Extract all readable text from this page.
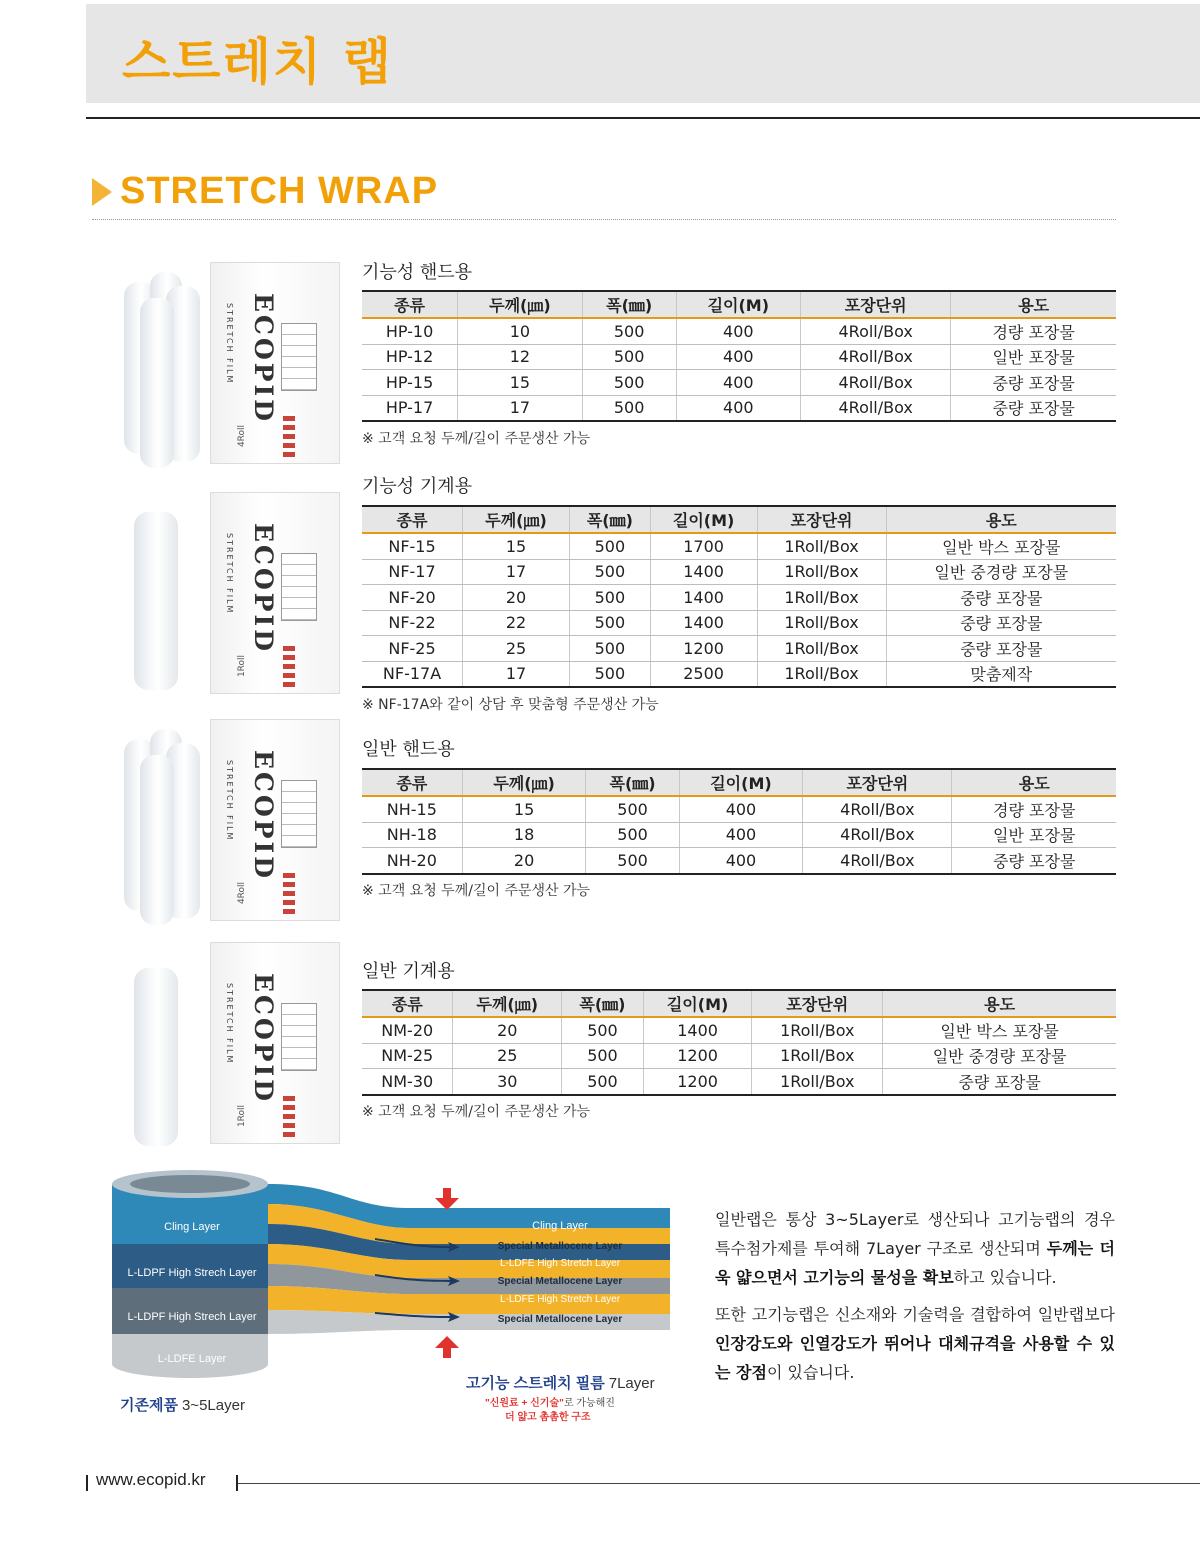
스트레치 랩
STRETCH WRAP
STRETCH FILM ECOPID
4Roll
STRETCH FILM ECOPID
1Roll
STRETCH FILM ECOPID
4Roll
STRETCH FILM ECOPID
1Roll

기능성 핸드용

종류	두께(㎛)	폭(㎜)	길이(M)	포장단위	용도
HP-10	10	500	400	4Roll/Box	경량 포장물
HP-12	12	500	400	4Roll/Box	일반 포장물
HP-15	15	500	400	4Roll/Box	중량 포장물
HP-17	17	500	400	4Roll/Box	중량 포장물
※ 고객 요청 두께/길이 주문생산 가능

기능성 기계용

종류	두께(㎛)	폭(㎜)	길이(M)	포장단위	용도
NF-15	15	500	1700	1Roll/Box	일반 박스 포장물
NF-17	17	500	1400	1Roll/Box	일반 중경량 포장물
NF-20	20	500	1400	1Roll/Box	중량 포장물
NF-22	22	500	1400	1Roll/Box	중량 포장물
NF-25	25	500	1200	1Roll/Box	중량 포장물
NF-17A	17	500	2500	1Roll/Box	맞춤제작
※ NF-17A와 같이 상담 후 맞춤형 주문생산 가능

일반 핸드용

종류	두께(㎛)	폭(㎜)	길이(M)	포장단위	용도
NH-15	15	500	400	4Roll/Box	경량 포장물
NH-18	18	500	400	4Roll/Box	일반 포장물
NH-20	20	500	400	4Roll/Box	중량 포장물
※ 고객 요청 두께/길이 주문생산 가능

일반 기계용

종류	두께(㎛)	폭(㎜)	길이(M)	포장단위	용도
NM-20	20	500	1400	1Roll/Box	일반 박스 포장물
NM-25	25	500	1200	1Roll/Box	일반 중경량 포장물
NM-30	30	500	1200	1Roll/Box	중량 포장물
※ 고객 요청 두께/길이 주문생산 가능
Cling Layer
L-LDPF High Strech Layer
L-LDPF High Strech Layer
L-LDFE Layer
Cling Layer
Special Metallocene Layer
L-LDFE High Stretch Layer
Special Metallocene Layer
L-LDFE High Stretch Layer
Special Metallocene Layer
L-LDFE Layer
기존제품 3~5Layer
고기능 스트레치 필름 7Layer
"신원료 + 신기술"로 가능해진
더 얇고 촘촘한 구조

일반랩은 통상 3~5Layer로 생산되나 고기능랩의 경우 특수첨가제를 투여해 7Layer 구조로 생산되며 두께는 더욱 얇으면서 고기능의 물성을 확보하고 있습니다.

또한 고기능랩은 신소재와 기술력을 결합하여 일반랩보다 인장강도와 인열강도가 뛰어나 대체규격을 사용할 수 있는 장점이 있습니다.

www.ecopid.kr
